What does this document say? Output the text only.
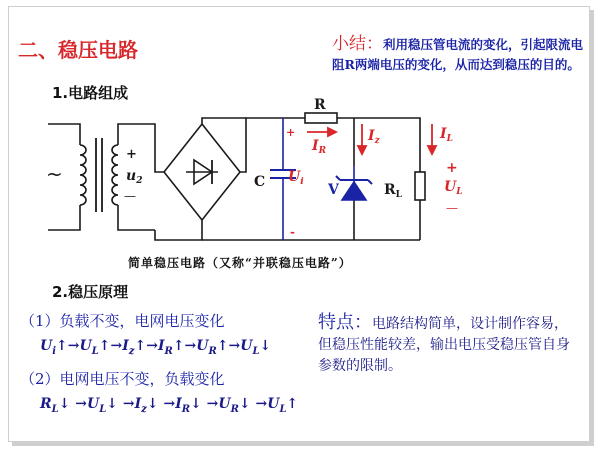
二、稳压电路
1.电路组成
小结：利用稳压管电流的变化，引起限流电阻R两端电压的变化，从而达到稳压的目的。
~
+
$u_2$
—
C
+
$U_i$
-
R
$I_R$
$I_z$
V	$R_L$
$I_L$
+
$U_L$
—
简单稳压电路（又称“并联稳压电路”）
2.稳压原理
（1）负载不变，电网电压变化
$U_i↑\to U_L↑\to I_z↑\to I_R↑\to U_R↑\to U_L↓$
（2）电网电压不变，负载变化
$R_L↓$ $\to U_L↓$ $\to I_z↓$ $\to I_R↓$ $\to U_R↓$ $\to U_L↑$
特点：电路结构简单，设计制作容易，但稳压性能较差，输出电压受稳压管自身参数的限制。
